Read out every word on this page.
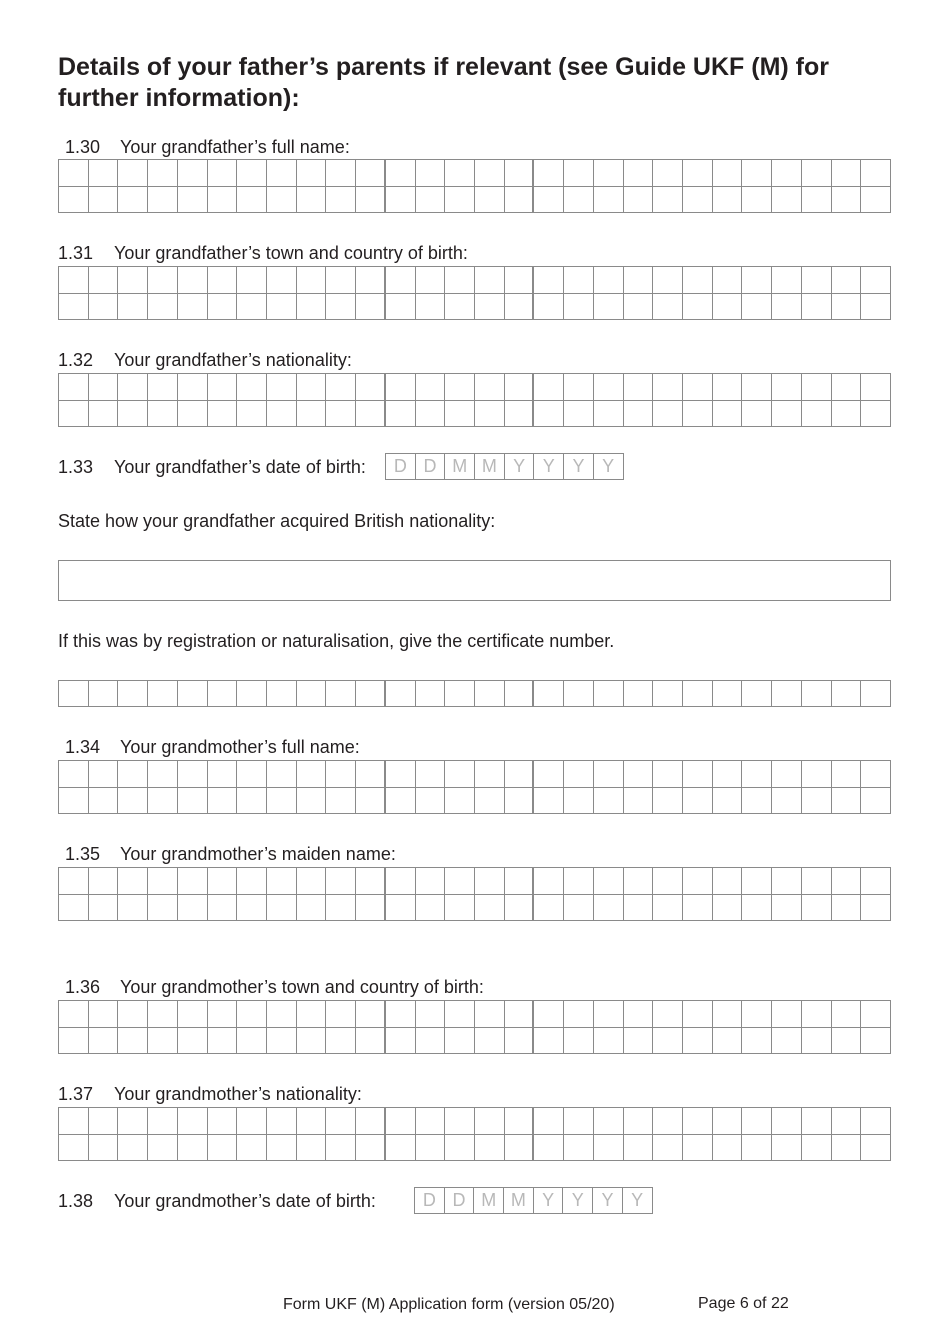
Details of your father’s parents if relevant (see Guide UKF (M) for further information):
1.30 Your grandfather’s full name:
1.31 Your grandfather’s town and country of birth:
1.32 Your grandfather’s nationality:
1.33 Your grandfather’s date of birth:	D D M M Y Y Y Y
State how your grandfather acquired British nationality:
If this was by registration or naturalisation, give the certificate number.
1.34 Your grandmother’s full name:
1.35 Your grandmother’s maiden name:
1.36 Your grandmother’s town and country of birth:
1.37 Your grandmother’s nationality:
1.38 Your grandmother’s date of birth:	D D M M Y Y Y Y
Form UKF (M) Application form (version 05/20)	Page 6 of 22
